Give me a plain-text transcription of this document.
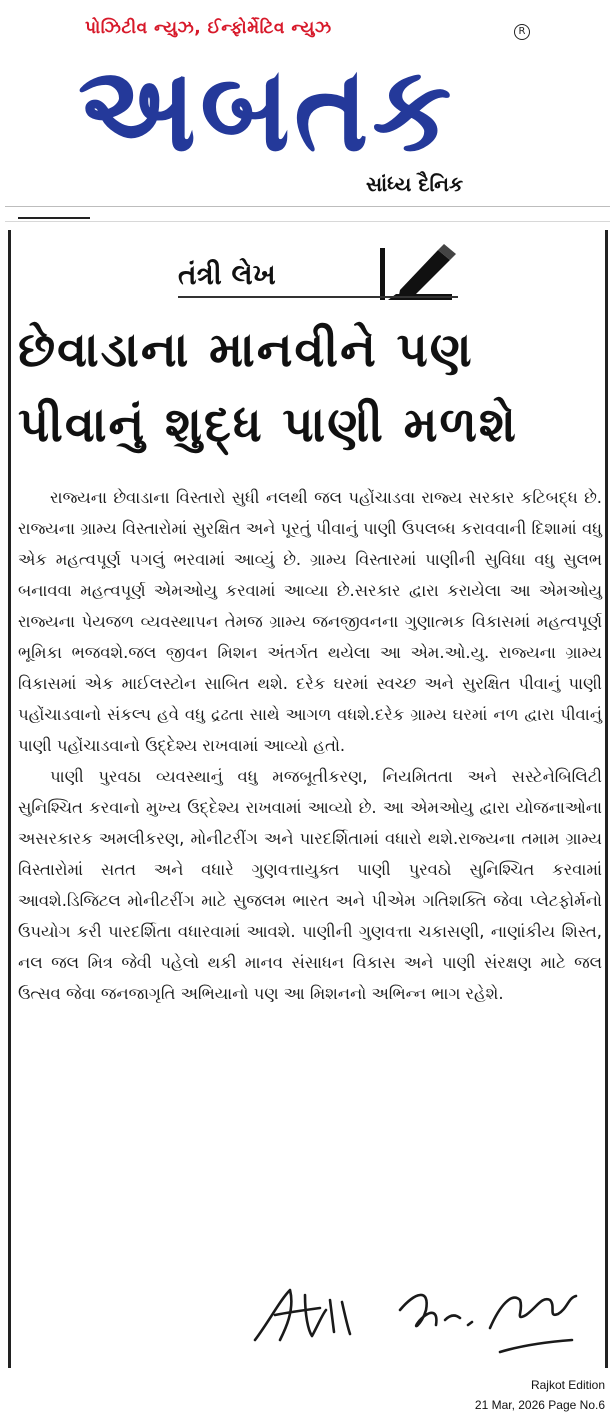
પોઝિટીવ ન્યુઝ, ઈન્ફોર્મેટિવ ન્યુઝ	R
અબતક
સાંધ્ય દૈનિક
તંત્રી લેખ
છેવાડાના માનવીને પણ
પીવાનું શુદ્ધ પાણી મળશે

રાજ્યના છેવાડાના વિસ્તારો સુધી નલથી જલ પહોંચાડવા રાજ્ય સરકાર કટિબદ્ધ છે. રાજ્યના ગ્રામ્ય વિસ્તારોમાં સુરક્ષિત અને પૂરતું પીવાનું પાણી ઉપલબ્ધ કરાવવાની દિશામાં વધુ એક મહત્વપૂર્ણ પગલું ભરવામાં આવ્યું છે. ગ્રામ્ય વિસ્તારમાં પાણીની સુવિધા વધુ સુલભ બનાવવા મહત્વપૂર્ણ એમઓયુ કરવામાં આવ્યા છે.સરકાર દ્વારા કરાયેલા આ એમઓયુ રાજ્યના પેયજળ વ્યવસ્થાપન તેમજ ગ્રામ્ય જનજીવનના ગુણાત્મક વિકાસમાં મહત્વપૂર્ણ ભૂમિકા ભજવશે.જલ જીવન મિશન અંતર્ગત થયેલા આ એમ.ઓ.યુ. રાજ્યના ગ્રામ્ય વિકાસમાં એક માઈલસ્ટોન સાબિત થશે. દરેક ઘરમાં સ્વચ્છ અને સુરક્ષિત પીવાનું પાણી પહોંચાડવાનો સંકલ્પ હવે વધુ દ્રઢતા સાથે આગળ વધશે.દરેક ગ્રામ્ય ઘરમાં નળ દ્વારા પીવાનું પાણી પહોંચાડવાનો ઉદ્દેશ્ય રાખવામાં આવ્યો હતો.

પાણી પુરવઠા વ્યવસ્થાનું વધુ મજબૂતીકરણ, નિયમિતતા અને સસ્ટેનેબિલિટી સુનિશ્ચિત કરવાનો મુખ્ય ઉદ્દેશ્ય રાખવામાં આવ્યો છે. આ એમઓયુ દ્વારા યોજનાઓના અસરકારક અમલીકરણ, મોનીટરીંગ અને પારદર્શિતામાં વધારો થશે.રાજ્યના તમામ ગ્રામ્ય વિસ્તારોમાં સતત અને વધારે ગુણવત્તાયુક્ત પાણી પુરવઠો સુનિશ્ચિત કરવામાં આવશે.ડિજિટલ મોનીટરીંગ માટે સુજલમ ભારત અને પીએમ ગતિશક્તિ જેવા પ્લેટફોર્મનો ઉપયોગ કરી પારદર્શિતા વધારવામાં આવશે. પાણીની ગુણવત્તા ચકાસણી, નાણાંકીય શિસ્ત, નલ જલ મિત્ર જેવી પહેલો થકી માનવ સંસાધન વિકાસ અને પાણી સંરક્ષણ માટે જલ ઉત્સવ જેવા જનજાગૃતિ અભિયાનો પણ આ મિશનનો અભિન્ન ભાગ રહેશે.

Rajkot Edition
21 Mar, 2026 Page No.6
